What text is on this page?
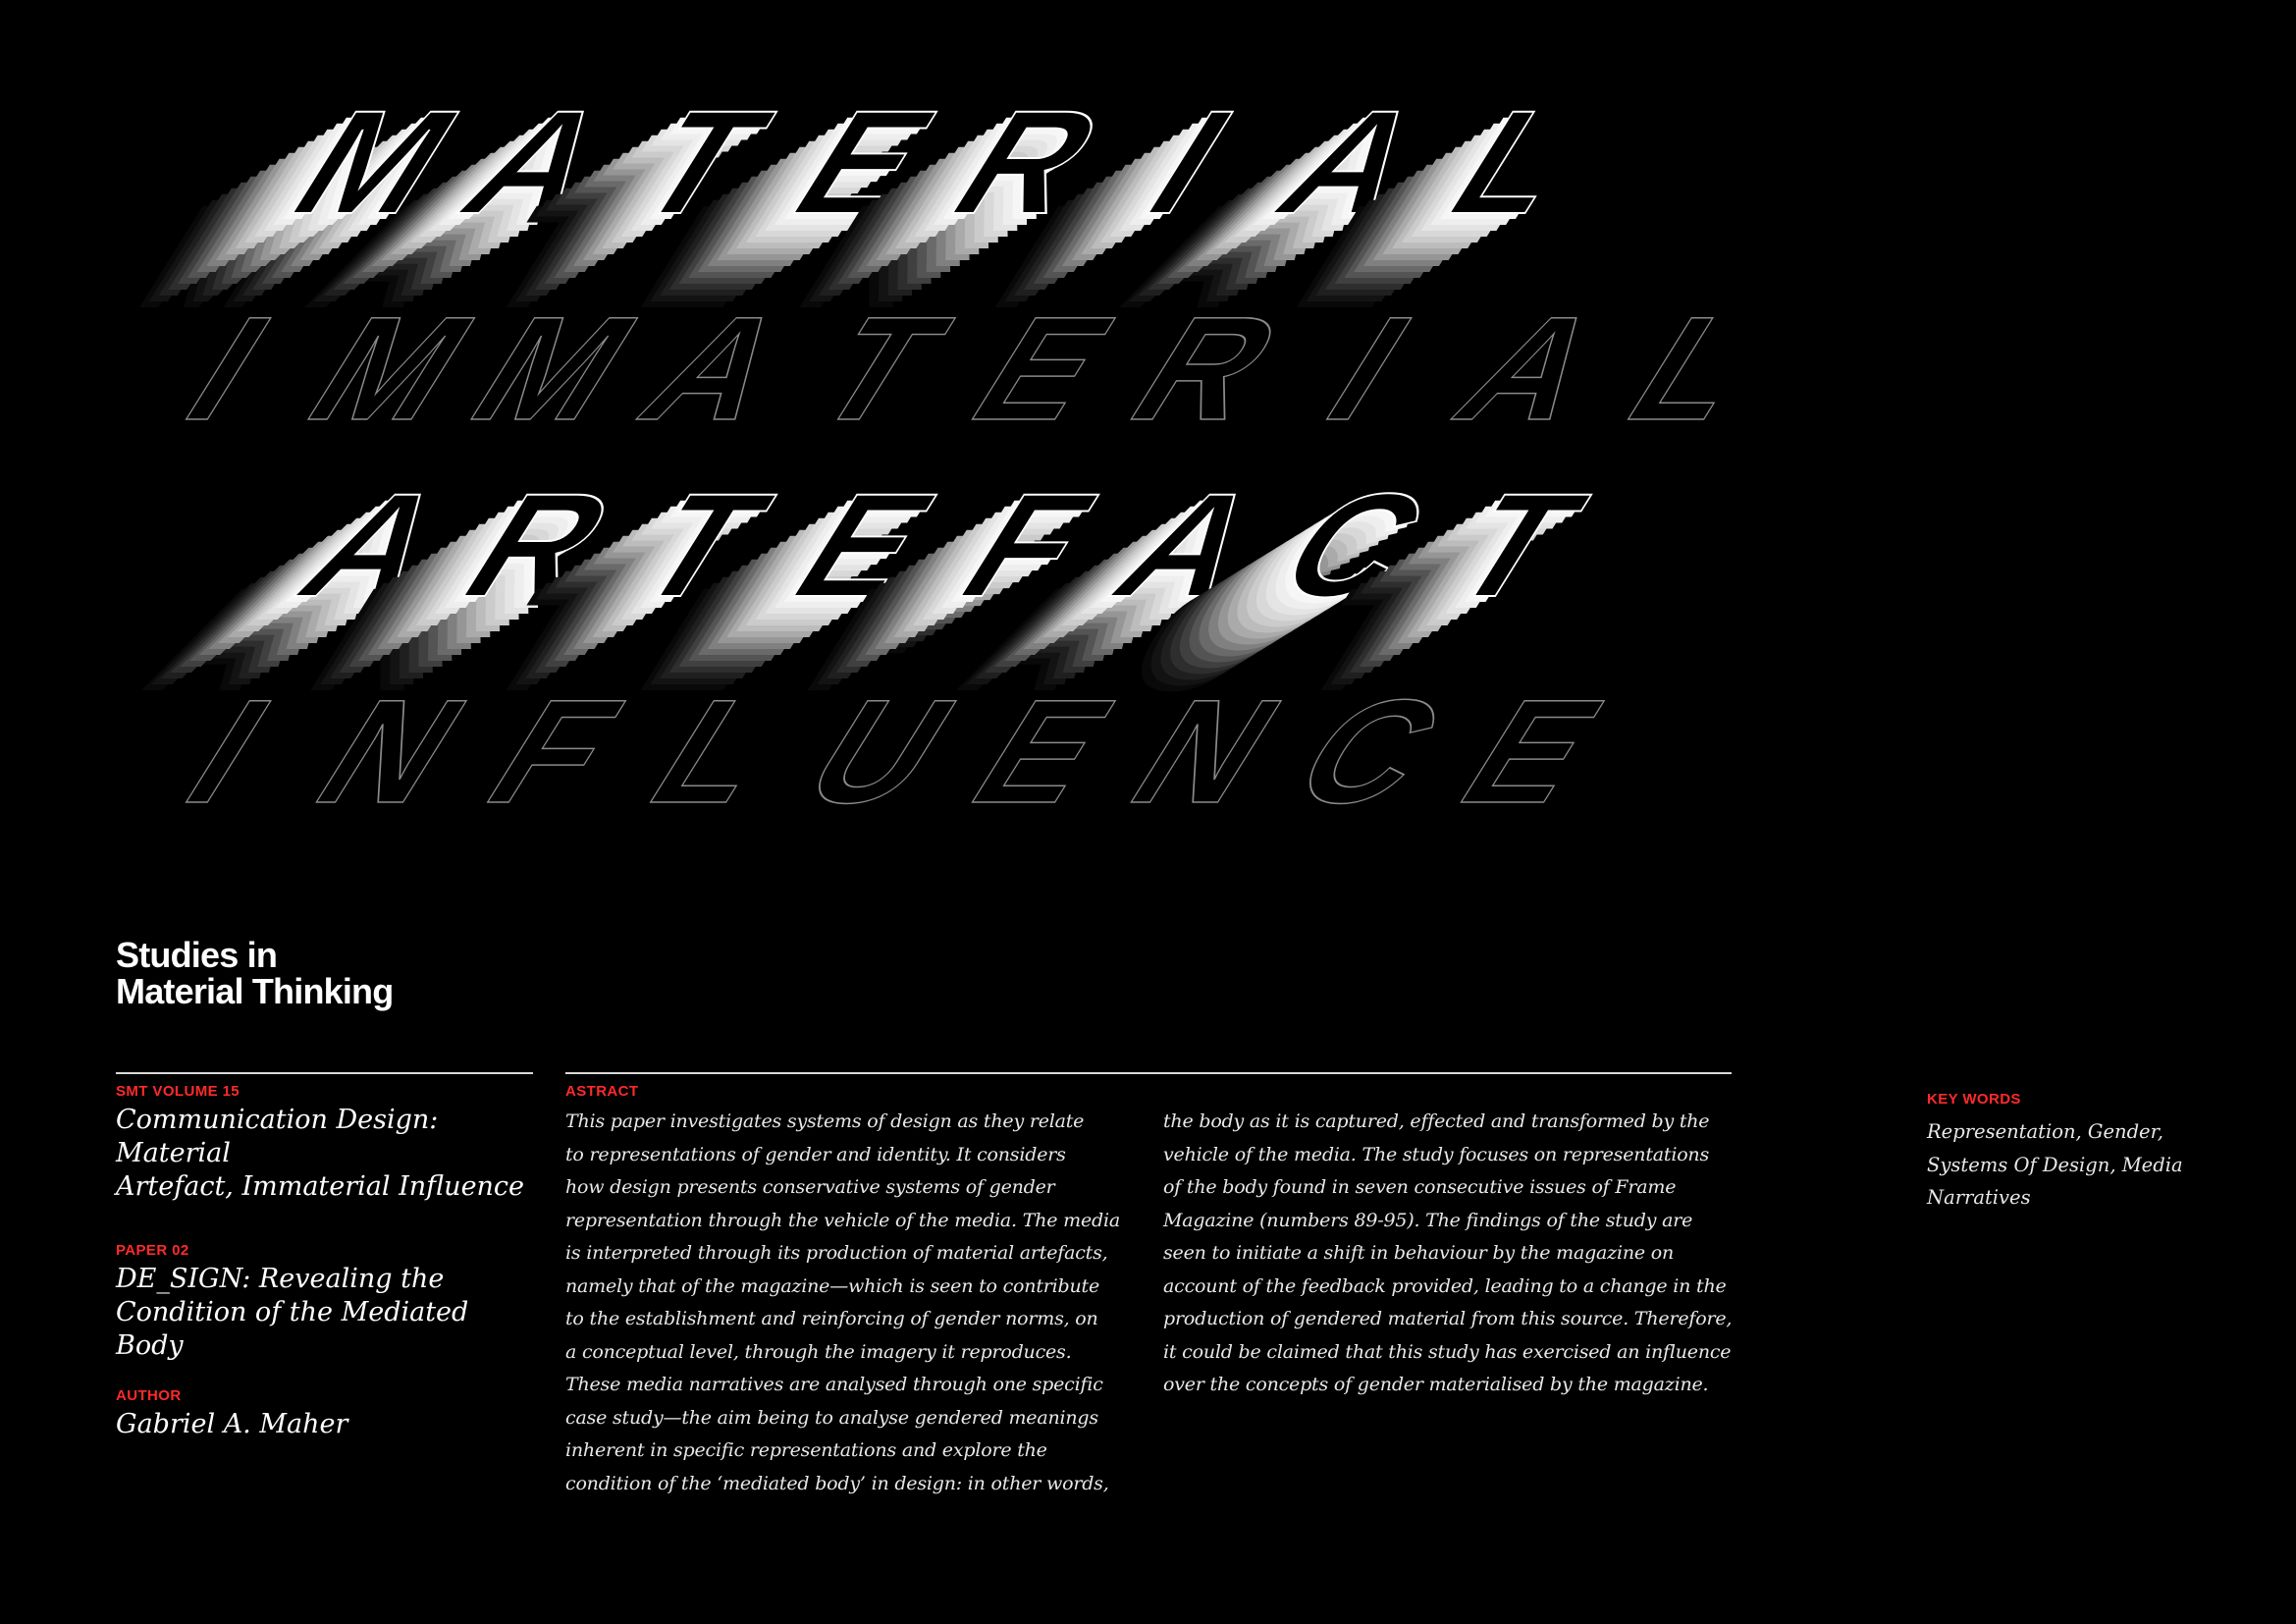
I
M
M
A
T
E
R
I
A
L
M
A
T
E
R
I
A
L
I
N
F
L
U
E
N
C
E
A
R
T
E
F
A
C
T
Studies in
Material Thinking
SMT VOLUME 15
Communication Design: Material
Artefact, Immaterial Influence
PAPER 02
DE_SIGN: Revealing the
Condition of the Mediated Body
AUTHOR
Gabriel A. Maher
ASTRACT
This paper investigates systems of design as they relate
to representations of gender and identity. It considers
how design presents conservative systems of gender
representation through the vehicle of the media. The media
is interpreted through its production of material artefacts,
namely that of the magazine—which is seen to contribute
to the establishment and reinforcing of gender norms, on
a conceptual level, through the imagery it reproduces.
These media narratives are analysed through one specific
case study—the aim being to analyse gendered meanings
inherent in specific representations and explore the
condition of the ‘mediated body’ in design: in other words,
the body as it is captured, effected and transformed by the
vehicle of the media. The study focuses on representations
of the body found in seven consecutive issues of Frame
Magazine (numbers 89-95). The findings of the study are
seen to initiate a shift in behaviour by the magazine on
account of the feedback provided, leading to a change in the
production of gendered material from this source. Therefore,
it could be claimed that this study has exercised an influence
over the concepts of gender materialised by the magazine.
KEY WORDS
Representation, Gender,
Systems Of Design, Media
Narratives
